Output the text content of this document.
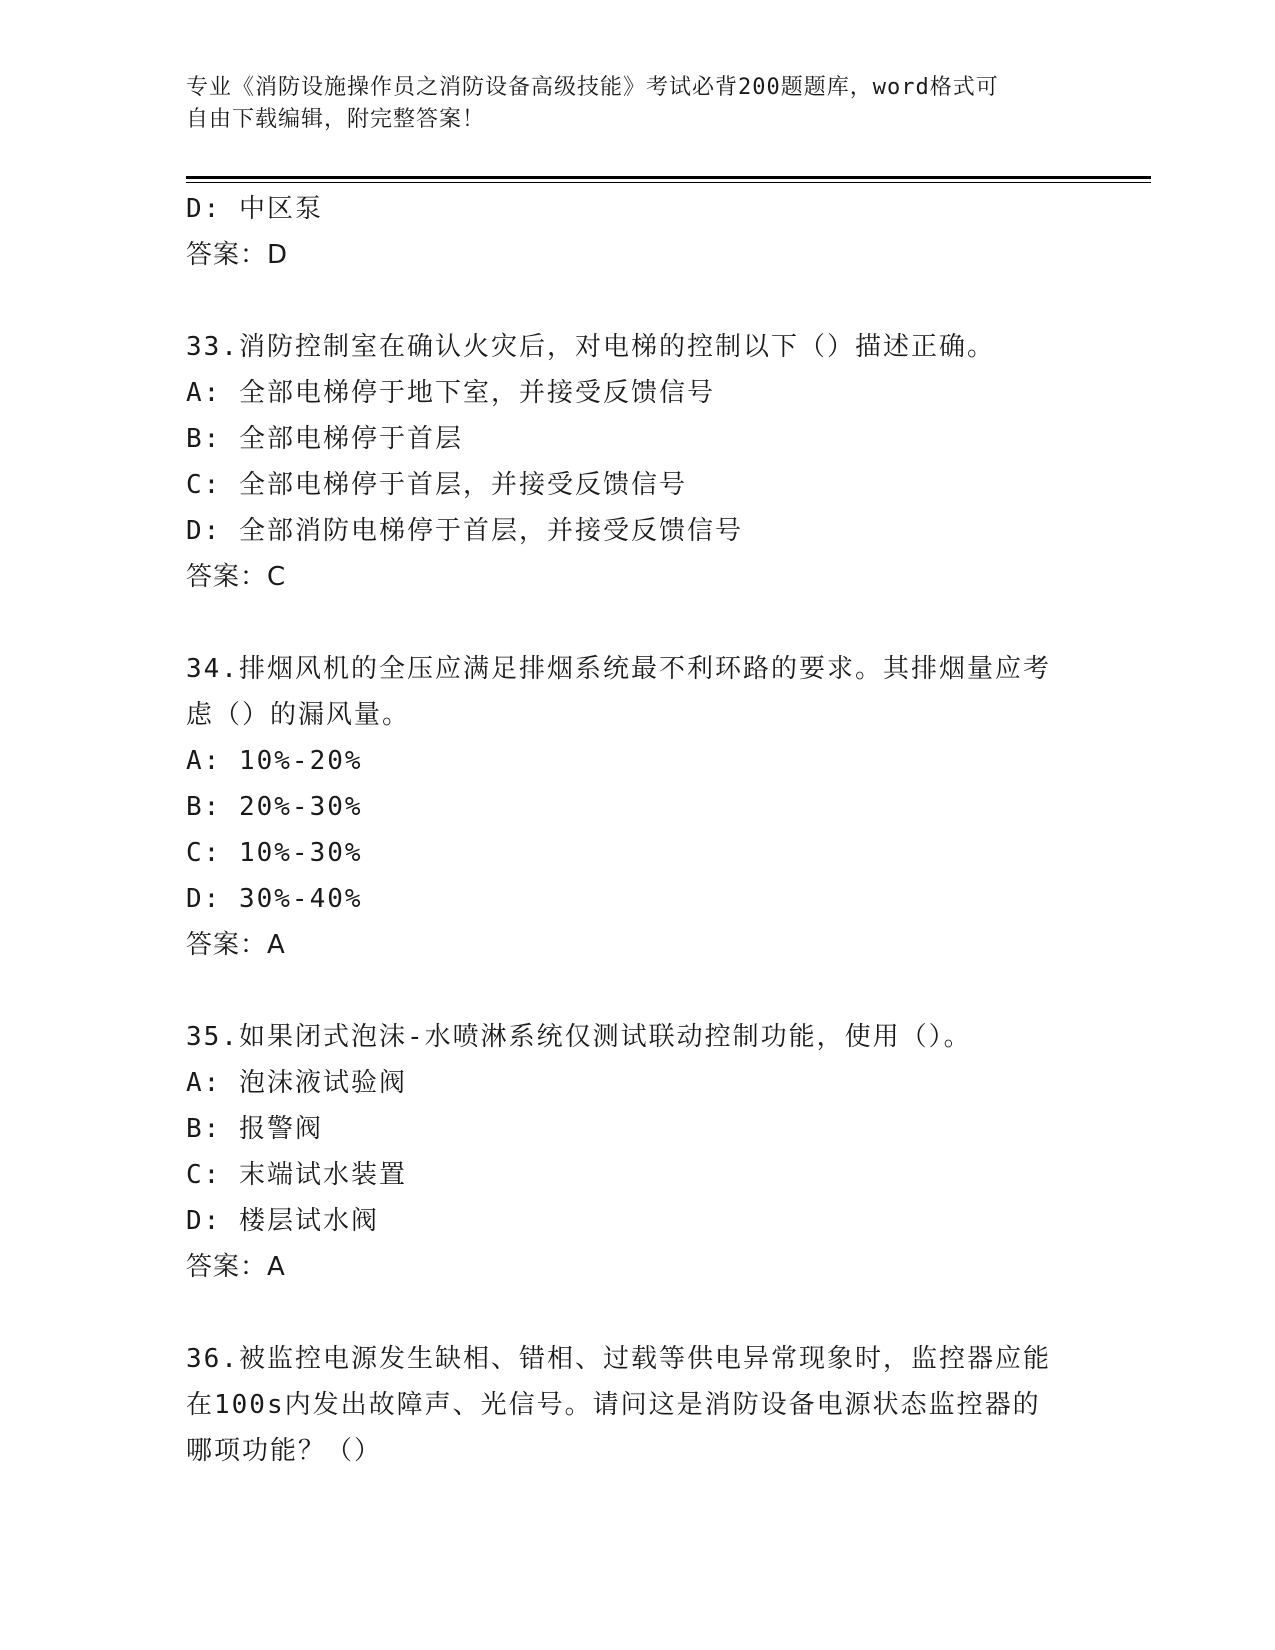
专业《消防设施操作员之消防设备高级技能》考试必背200题题库，word格式可
自由下载编辑，附完整答案！
D: 中区泵
答案：D
33.消防控制室在确认火灾后，对电梯的控制以下（）描述正确。
A: 全部电梯停于地下室，并接受反馈信号
B: 全部电梯停于首层
C: 全部电梯停于首层，并接受反馈信号
D: 全部消防电梯停于首层，并接受反馈信号
答案：C
34.排烟风机的全压应满足排烟系统最不利环路的要求。其排烟量应考
虑（）的漏风量。
A: 10%-20%
B: 20%-30%
C: 10%-30%
D: 30%-40%
答案：A
35.如果闭式泡沫-水喷淋系统仅测试联动控制功能，使用（）。
A: 泡沫液试验阀
B: 报警阀
C: 末端试水装置
D: 楼层试水阀
答案：A
36.被监控电源发生缺相、错相、过载等供电异常现象时，监控器应能
在100s内发出故障声、光信号。请问这是消防设备电源状态监控器的
哪项功能？（）
